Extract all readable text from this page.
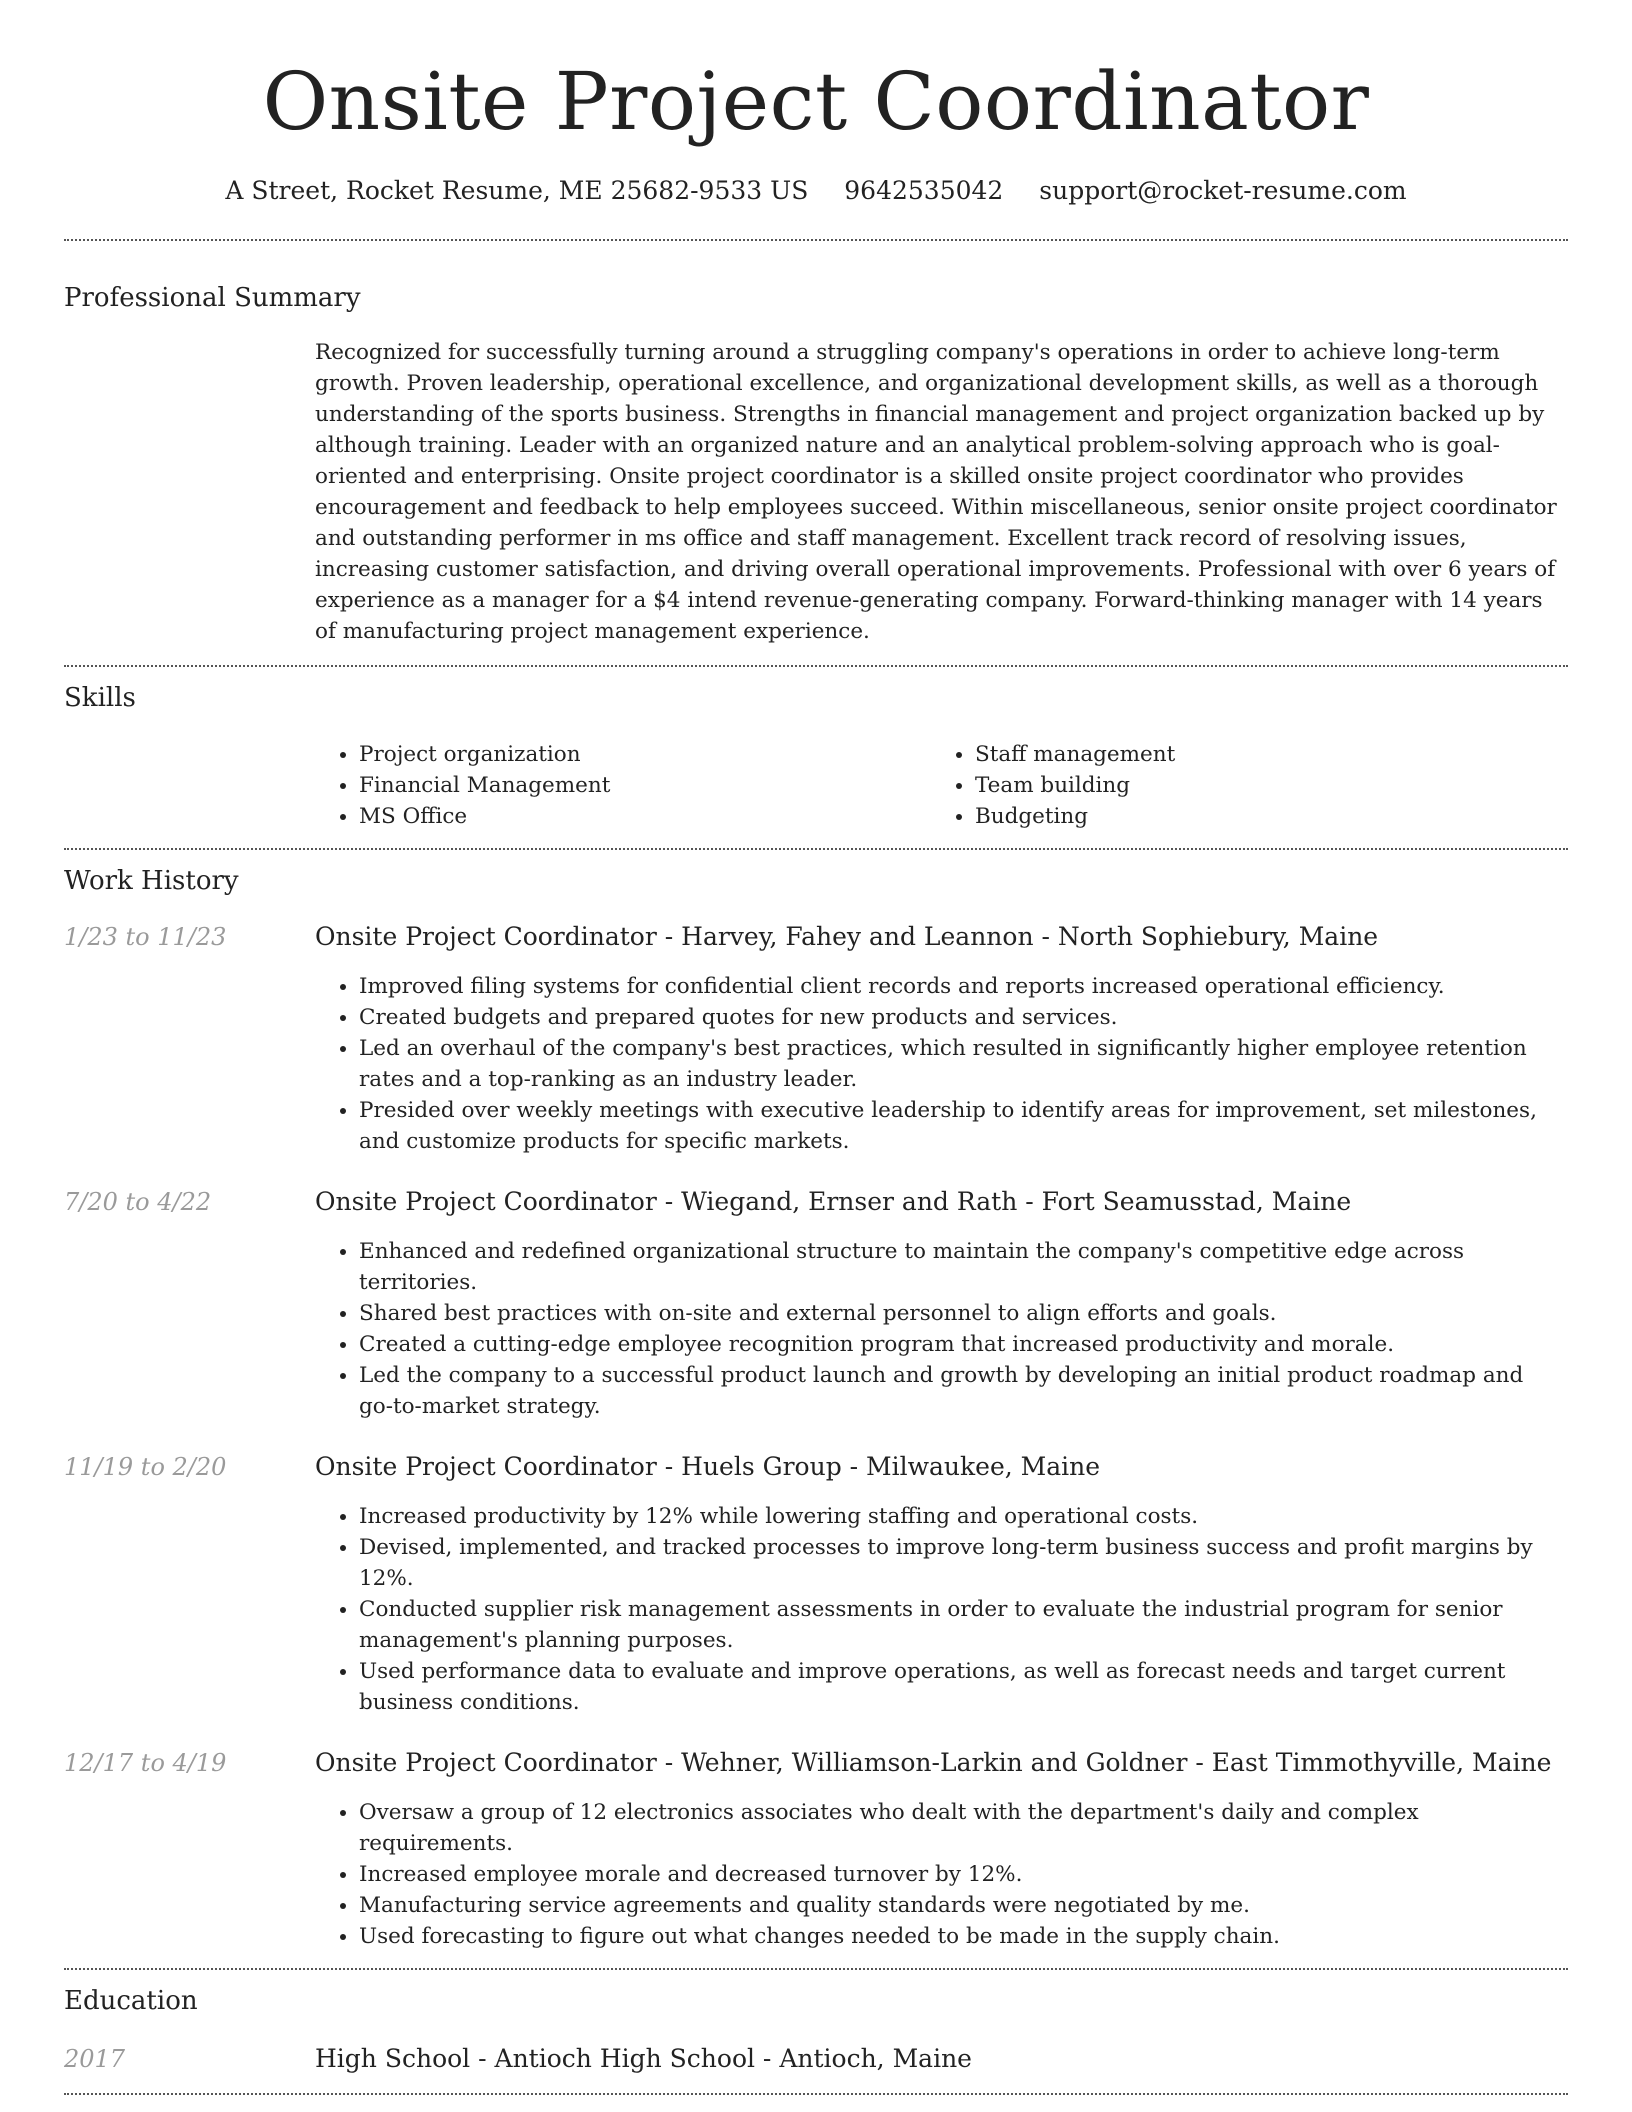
Onsite Project Coordinator
A Street, Rocket Resume, ME 25682-9533 US 9642535042 support@rocket-resume.com
Professional Summary
Recognized for successfully turning around a struggling company's operations in order to achieve long-term growth. Proven leadership, operational excellence, and organizational development skills, as well as a thorough understanding of the sports business. Strengths in financial management and project organization backed up by although training. Leader with an organized nature and an analytical problem-solving approach who is goal-oriented and enterprising. Onsite project coordinator is a skilled onsite project coordinator who provides encouragement and feedback to help employees succeed. Within miscellaneous, senior onsite project coordinator and outstanding performer in ms office and staff management. Excellent track record of resolving issues, increasing customer satisfaction, and driving overall operational improvements. Professional with over 6 years of experience as a manager for a $4 intend revenue-generating company. Forward-thinking manager with 14 years of manufacturing project management experience.
Skills
• Project organization
• Financial Management
• MS Office
• Staff management
• Team building
• Budgeting
Work History
1/23 to 11/23	Onsite Project Coordinator - Harvey, Fahey and Leannon - North Sophiebury, Maine
• Improved filing systems for confidential client records and reports increased operational efficiency.
• Created budgets and prepared quotes for new products and services.
• Led an overhaul of the company's best practices, which resulted in significantly higher employee retention rates and a top-ranking as an industry leader.
• Presided over weekly meetings with executive leadership to identify areas for improvement, set milestones, and customize products for specific markets.
7/20 to 4/22	Onsite Project Coordinator - Wiegand, Ernser and Rath - Fort Seamusstad, Maine
• Enhanced and redefined organizational structure to maintain the company's competitive edge across territories.
• Shared best practices with on-site and external personnel to align efforts and goals.
• Created a cutting-edge employee recognition program that increased productivity and morale.
• Led the company to a successful product launch and growth by developing an initial product roadmap and go-to-market strategy.
11/19 to 2/20	Onsite Project Coordinator - Huels Group - Milwaukee, Maine
• Increased productivity by 12% while lowering staffing and operational costs.
• Devised, implemented, and tracked processes to improve long-term business success and profit margins by 12%.
• Conducted supplier risk management assessments in order to evaluate the industrial program for senior management's planning purposes.
• Used performance data to evaluate and improve operations, as well as forecast needs and target current business conditions.
12/17 to 4/19	Onsite Project Coordinator - Wehner, Williamson-Larkin and Goldner - East Timmothyville, Maine
• Oversaw a group of 12 electronics associates who dealt with the department's daily and complex requirements.
• Increased employee morale and decreased turnover by 12%.
• Manufacturing service agreements and quality standards were negotiated by me.
• Used forecasting to figure out what changes needed to be made in the supply chain.
Education
2017	High School - Antioch High School - Antioch, Maine
